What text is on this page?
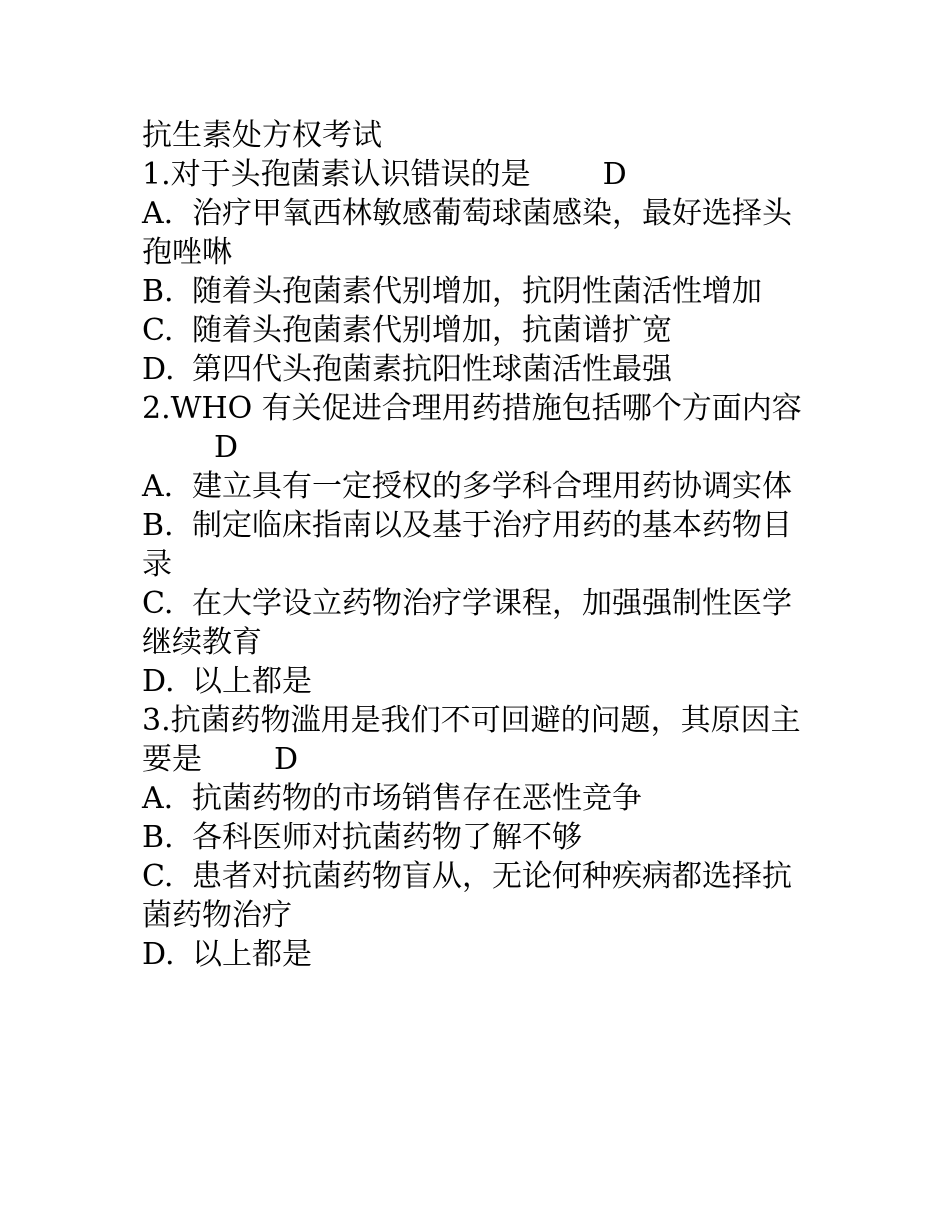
抗生素处方权考试
1.对于头孢菌素认识错误的是 D
A. 治疗甲氧西林敏感葡萄球菌感染，最好选择头孢唑啉
B. 随着头孢菌素代别增加，抗阴性菌活性增加
C. 随着头孢菌素代别增加，抗菌谱扩宽
D. 第四代头孢菌素抗阳性球菌活性最强
2.WHO 有关促进合理用药措施包括哪个方面内容D
A. 建立具有一定授权的多学科合理用药协调实体
B. 制定临床指南以及基于治疗用药的基本药物目录
C. 在大学设立药物治疗学课程，加强强制性医学继续教育
D. 以上都是
3.抗菌药物滥用是我们不可回避的问题，其原因主要是 D
A. 抗菌药物的市场销售存在恶性竞争
B. 各科医师对抗菌药物了解不够
C. 患者对抗菌药物盲从，无论何种疾病都选择抗菌药物治疗
D. 以上都是
